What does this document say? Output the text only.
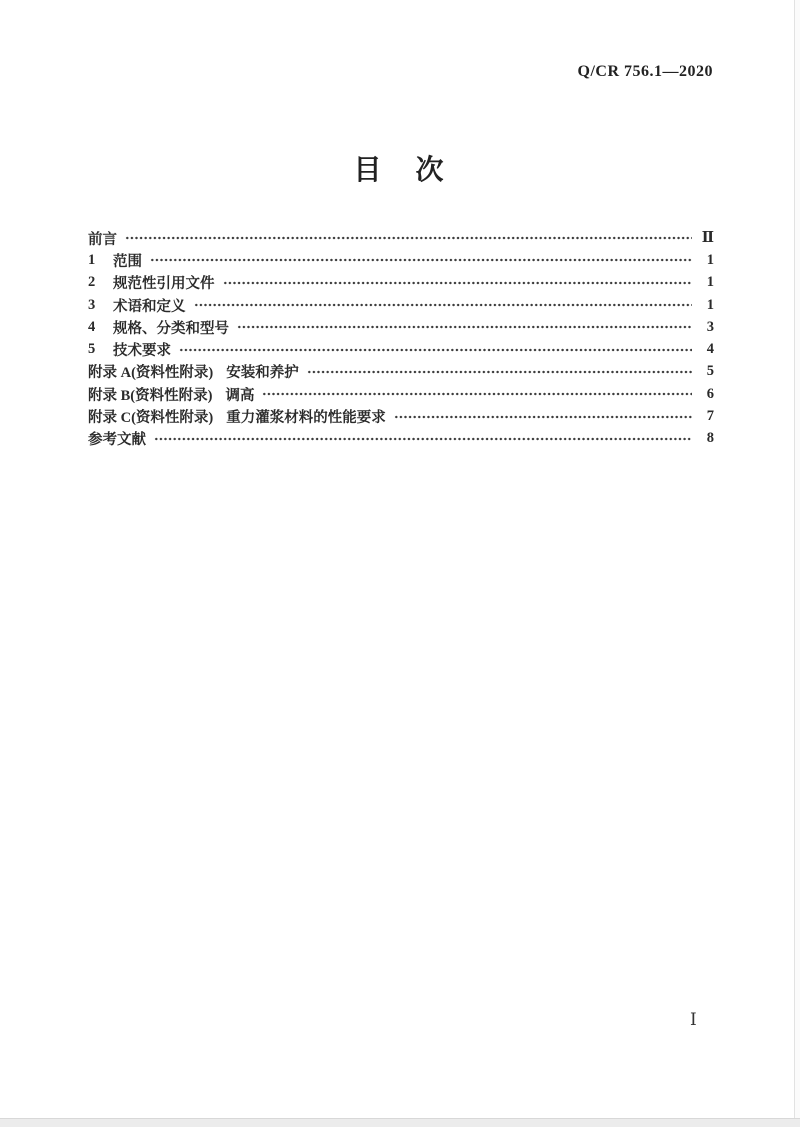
Q/CR 756.1—2020
目　次
前言	Ⅱ
1	范围	1
2	规范性引用文件	1
3	术语和定义	1
4	规格、分类和型号	3
5	技术要求	4
附录 A(资料性附录) 安装和养护	5
附录 B(资料性附录) 调高	6
附录 C(资料性附录) 重力灌浆材料的性能要求	7
参考文献	8
Ⅰ
